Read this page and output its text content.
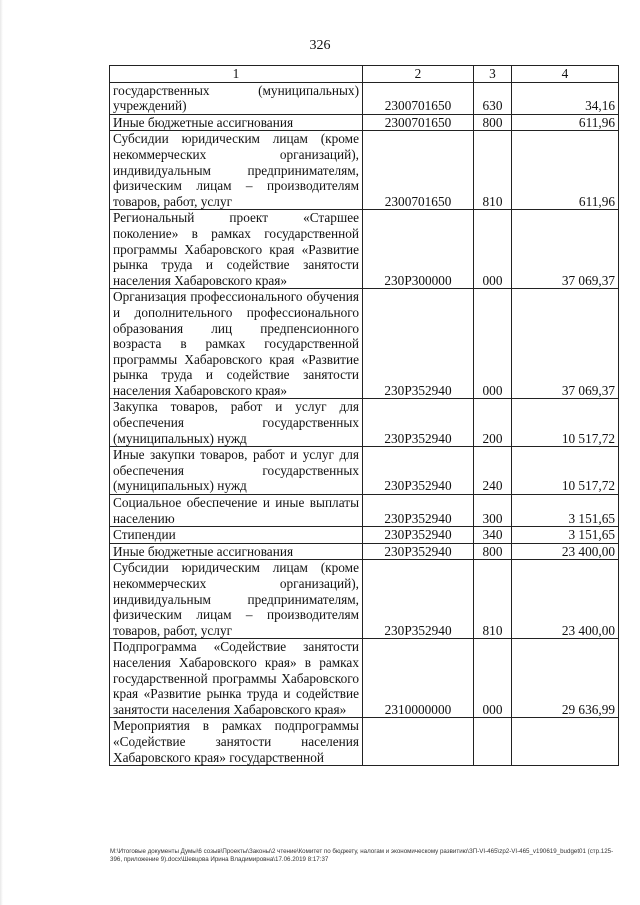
326
1	2	3	4
государственных (муниципальных) учреждений)	2300701650	630	34,16
Иные бюджетные ассигнования	2300701650	800	611,96
Субсидии юридическим лицам (кроме некоммерческих организаций), индивидуальным предпринимателям, физическим лицам – производителям товаров, работ, услуг	2300701650	810	611,96
Региональный проект «Старшее поколение» в рамках государственной программы Хабаровского края «Развитие рынка труда и содействие занятости населения Хабаровского края»	230Р300000	000	37 069,37
Организация профессионального обучения и дополнительного профессионального образования лиц предпенсионного возраста в рамках государственной программы Хабаровского края «Развитие рынка труда и содействие занятости населения Хабаровского края»	230Р352940	000	37 069,37
Закупка товаров, работ и услуг для обеспечения государственных (муниципальных) нужд	230Р352940	200	10 517,72
Иные закупки товаров, работ и услуг для обеспечения государственных (муниципальных) нужд	230Р352940	240	10 517,72
Социальное обеспечение и иные выплаты населению	230Р352940	300	3 151,65
Стипендии	230Р352940	340	3 151,65
Иные бюджетные ассигнования	230Р352940	800	23 400,00
Субсидии юридическим лицам (кроме некоммерческих организаций), индивидуальным предпринимателям, физическим лицам – производителям товаров, работ, услуг	230Р352940	810	23 400,00
Подпрограмма «Содействие занятости населения Хабаровского края» в рамках государственной программы Хабаровского края «Развитие рынка труда и содействие занятости населения Хабаровского края»	2310000000	000	29 636,99
Мероприятия в рамках подпрограммы «Содействие занятости населения Хабаровского края» государственной			
M:\Итоговые документы Думы\6 созыв\Проекты\Законы\2 чтение\Комитет по бюджету, налогам и экономическому развитию\ЗП-VI-465\zp2-VI-465_v190619_budget01 (стр.125-396, приложение 9).docx\Шевцова Ирина Владимировна\17.06.2019 8:17:37
